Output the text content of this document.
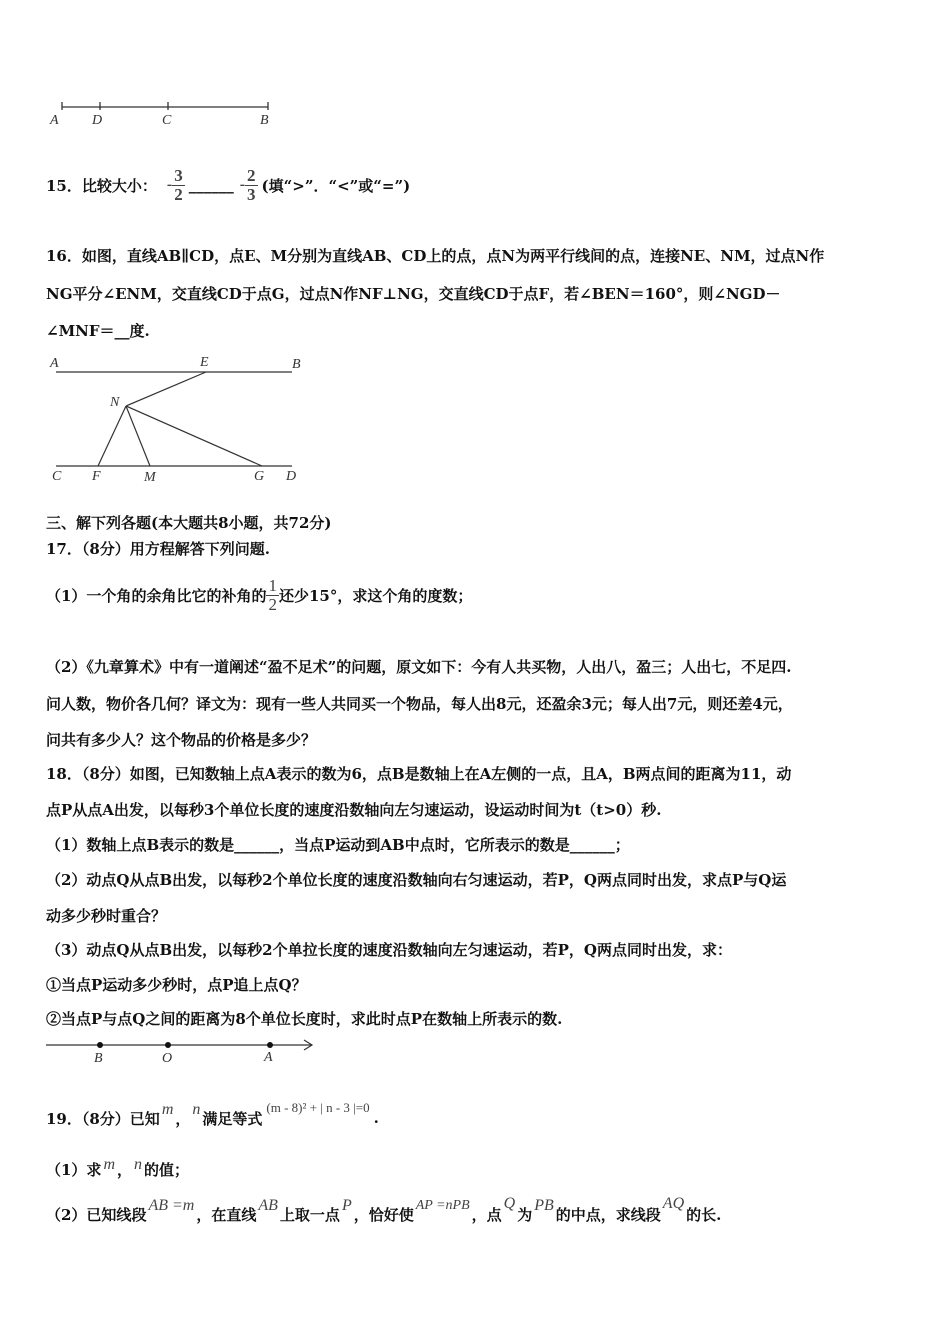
A D	C	B
15．比较大小： - $\frac{3}{2}$ ______ - $\frac{2}{3}$ (填“>”．“<”或“=”)
16．如图，直线AB∥CD，点E、M分别为直线AB、CD上的点，点N为两平行线间的点，连接NE、NM，过点N作
NG平分∠ENM，交直线CD于点G，过点N作NF⊥NG，交直线CD于点F，若∠BEN＝160°，则∠NGD－
∠MNF＝__度.
A	E	B
N
C F	M	G D
三、解下列各题(本大题共8小题，共72分)
17．（8分）用方程解答下列问题.
（1）一个角的余角比它的补角的 $\frac{1}{2}$ 还少15°，求这个角的度数；
（2）《九章算术》中有一道阐述“盈不足术”的问题，原文如下：今有人共买物，人出八，盈三；人出七，不足四.
问人数，物价各几何？译文为：现有一些人共同买一个物品，每人出8元，还盈余3元；每人出7元，则还差4元，
问共有多少人？这个物品的价格是多少？
18．（8分）如图，已知数轴上点A表示的数为6，点B是数轴上在A左侧的一点，且A，B两点间的距离为11，动
点P从点A出发，以每秒3个单位长度的速度沿数轴向左匀速运动，设运动时间为t（t>0）秒.
（1）数轴上点B表示的数是______，当点P运动到AB中点时，它所表示的数是______；
（2）动点Q从点B出发，以每秒2个单位长度的速度沿数轴向右匀速运动，若P，Q两点同时出发，求点P与Q运
动多少秒时重合？
（3）动点Q从点B出发，以每秒2个单拉长度的速度沿数轴向左匀速运动，若P，Q两点同时出发，求：
①当点P运动多少秒时，点P追上点Q？
②当点P与点Q之间的距离为8个单位长度时，求此时点P在数轴上所表示的数.
B	O	A
19．（8分）已知 m ， n 满足等式
(m - 8)² + | n - 3 |=0
.
（1）求 m ， n 的值；
（2）已知线段 AB =m ，在直线 AB 上取一点 P ，恰好使 AP =nPB ，点
Q
为 PB 的中点，求线段
AQ
的长.
